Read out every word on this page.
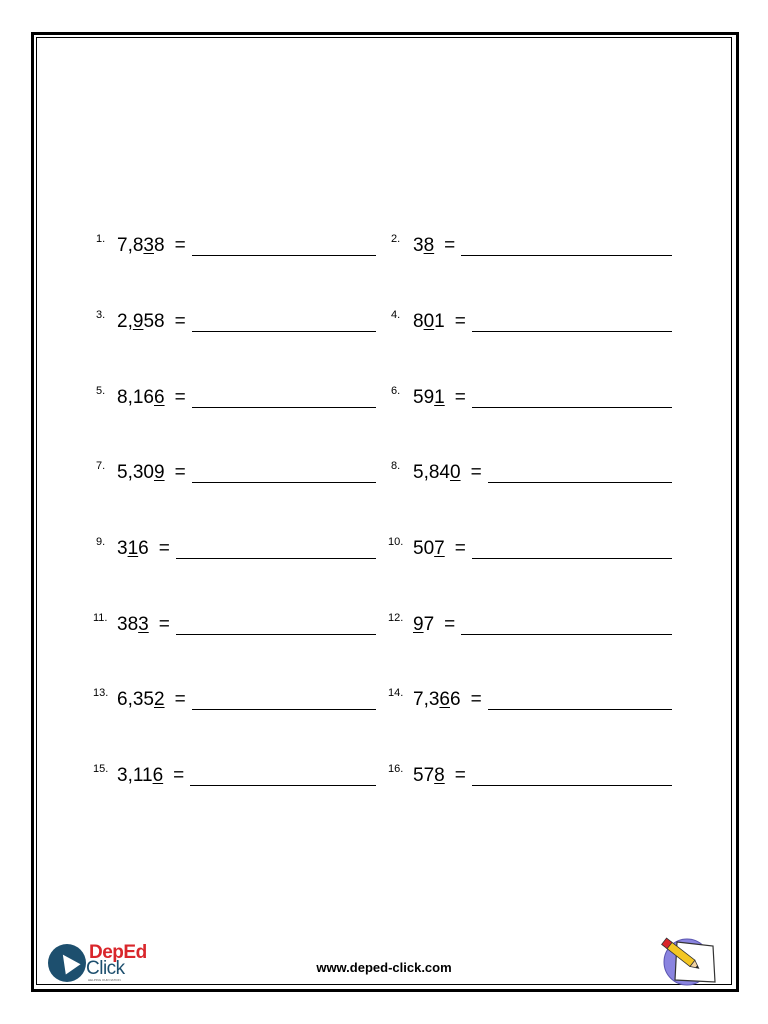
1. 7,838 =	2. 38 =
3. 2,958 =	4. 801 =
5. 8,166 =	6. 591 =
7. 5,309 =	8. 5,840 =
9. 316 =	10. 507 =
11. 383 =	12. 97 =
13. 6,352 =	14. 7,366 =
15. 3,116 =	16. 578 =
DepEd
Click
HELPING OUR NATION
www.deped-click.com
